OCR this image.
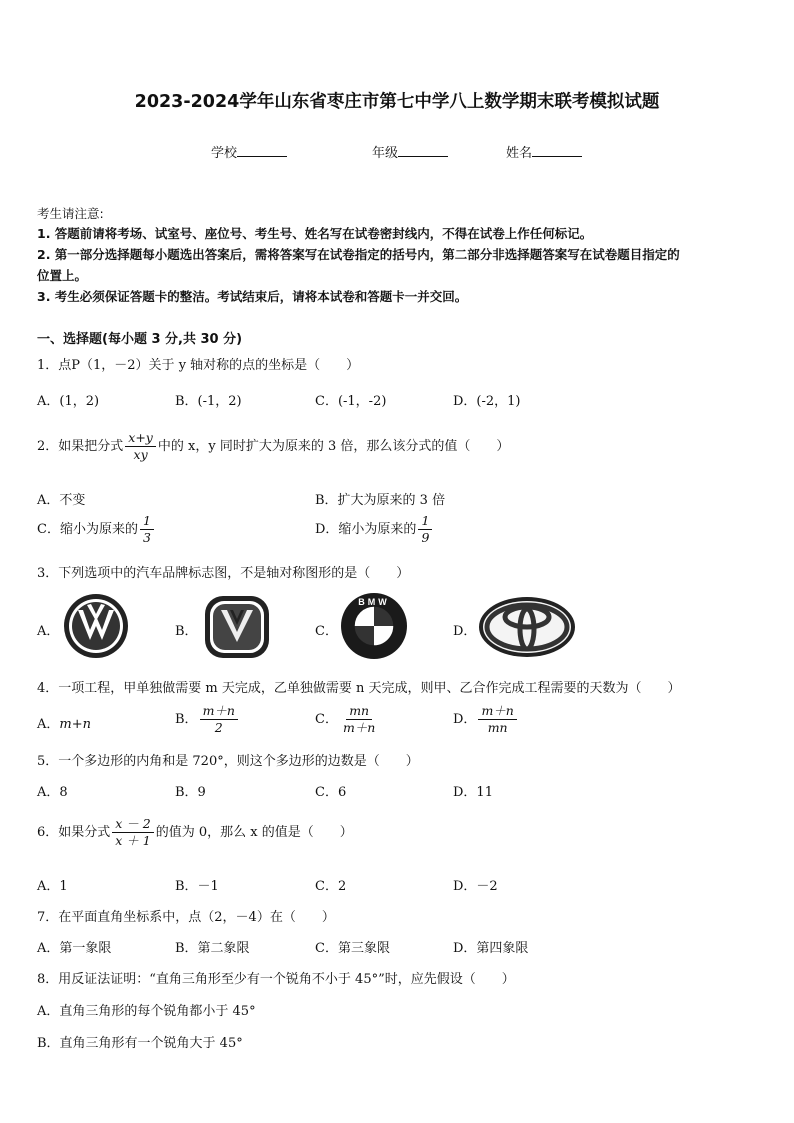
2023-2024学年山东省枣庄市第七中学八上数学期末联考模拟试题
学校	年级	姓名
考生请注意:
1. 答题前请将考场、试室号、座位号、考生号、姓名写在试卷密封线内，不得在试卷上作任何标记。
2. 第一部分选择题每小题选出答案后，需将答案写在试卷指定的括号内，第二部分非选择题答案写在试卷题目指定的
位置上。
3. 考生必须保证答题卡的整洁。考试结束后，请将本试卷和答题卡一并交回。
一、选择题(每小题 3 分,共 30 分)
1．点P（1，－2）关于 y 轴对称的点的坐标是（　　）
A．(1，2)	B．(-1，2)	C．(-1，-2)	D．(-2，1)
2．如果把分式 $\frac{x+y}{xy}$ 中的 x，y 同时扩大为原来的 3 倍，那么该分式的值（　　）
A．不变	B．扩大为原来的 3 倍
C．缩小为原来的 $\frac{1}{3}$	D．缩小为原来的 $\frac{1}{9}$
3．下列选项中的汽车品牌标志图，不是轴对称图形的是（　　）
A．	B．	C．	D．
BMW
4．一项工程，甲单独做需要 m 天完成，乙单独做需要 n 天完成，则甲、乙合作完成工程需要的天数为（　　）
A．m+n	B． $\frac{m+n}{2}$	C． $\frac{mn}{m+n}$	D． $\frac{m+n}{mn}$
5．一个多边形的内角和是 720°，则这个多边形的边数是（　　）
A．8	B．9	C．6	D．11
6．如果分式 $\frac{x - 2}{x + 1}$ 的值为 0，那么 x 的值是（　　）
A．1	B．－1	C．2	D．－2
7．在平面直角坐标系中，点（2，－4）在（　　）
A．第一象限	B．第二象限	C．第三象限	D．第四象限
8．用反证法证明：“直角三角形至少有一个锐角不小于 45°”时，应先假设（　　）
A．直角三角形的每个锐角都小于 45°
B．直角三角形有一个锐角大于 45°
